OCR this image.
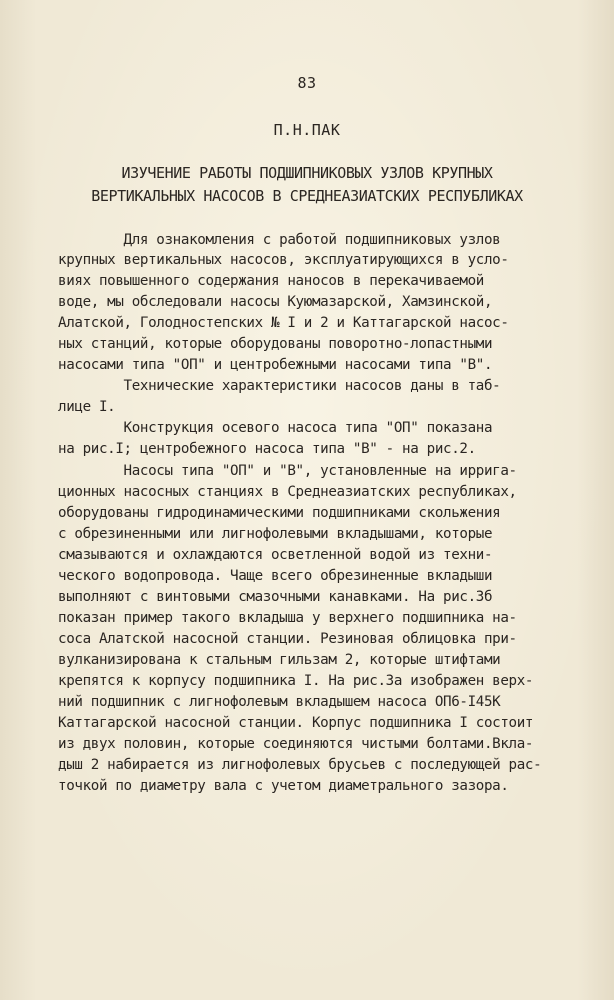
83
П.Н.ПАК
ИЗУЧЕНИЕ РАБОТЫ ПОДШИПНИКОВЫХ УЗЛОВ КРУПНЫХ
ВЕРТИКАЛЬНЫХ НАСОСОВ В СРЕДНЕАЗИАТСКИХ РЕСПУБЛИКАХ
Для ознакомления с работой подшипниковых узлов
крупных вертикальных насосов, эксплуатирующихся в усло-
виях повышенного содержания наносов в перекачиваемой
воде, мы обследовали насосы Куюмазарской, Хамзинской,
Алатской, Голодностепских № I и 2 и Каттагарской насос-
ных станций, которые оборудованы поворотно-лопастными
насосами типа "ОП" и центробежными насосами типа "В".
Технические характеристики насосов даны в таб-
лице I.
Конструкция осевого насоса типа "ОП" показана
на рис.I; центробежного насоса типа "В" - на рис.2.
Насосы типа "ОП" и "В", установленные на ирригa-
ционных насосных станциях в Среднеазиатских республиках,
оборудованы гидродинамическими подшипниками скольжения
с обрезиненными или лигнофолевыми вкладышами, которые
смазываются и охлаждаются осветленной водой из техни-
ческого водопровода. Чаще всего обрезиненные вкладыши
выполняют с винтовыми смазочными канавками. На рис.3б
показан пример такого вкладыша у верхнего подшипника на-
соса Алатской насосной станции. Резиновая облицовка при-
вулканизирована к стальным гильзам 2, которые штифтами
крепятся к корпусу подшипника I. На рис.3а изображен верх-
ний подшипник с лигнофолевым вкладышем насоса ОП6-I45К
Каттагарской насосной станции. Корпус подшипника I состоит
из двух половин, которые соединяются чистыми болтами.Вкла-
дыш 2 набирается из лигнофолевых брусьев с последующей рас-
точкой по диаметру вала с учетом диаметрального зазора.
